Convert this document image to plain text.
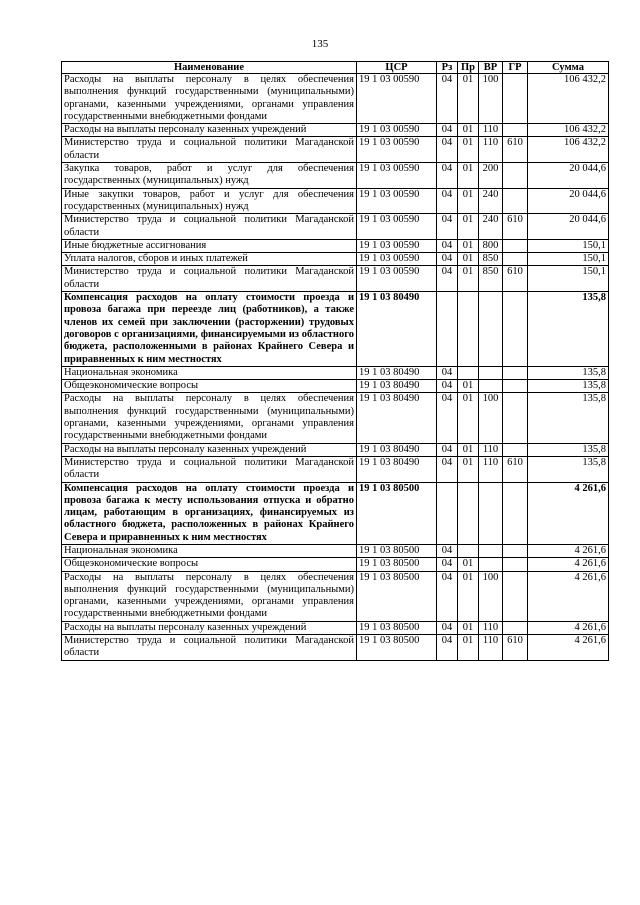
135
Наименование	ЦСР	Рз	Пр	ВР	ГР	Сумма
Расходы на выплаты персоналу в целях обеспечения выполнения функций государственными (муниципальными) органами, казенными учреждениями, органами управления государственными внебюджетными фондами	19 1 03 00590	04	01	100		106 432,2
Расходы на выплаты персоналу казенных учреждений	19 1 03 00590	04	01	110		106 432,2
Министерство труда и социальной политики Магаданской области	19 1 03 00590	04	01	110	610	106 432,2
Закупка товаров, работ и услуг для обеспечения государственных (муниципальных) нужд	19 1 03 00590	04	01	200		20 044,6
Иные закупки товаров, работ и услуг для обеспечения государственных (муниципальных) нужд	19 1 03 00590	04	01	240		20 044,6
Министерство труда и социальной политики Магаданской области	19 1 03 00590	04	01	240	610	20 044,6
Иные бюджетные ассигнования	19 1 03 00590	04	01	800		150,1
Уплата налогов, сборов и иных платежей	19 1 03 00590	04	01	850		150,1
Министерство труда и социальной политики Магаданской области	19 1 03 00590	04	01	850	610	150,1
Компенсация расходов на оплату стоимости проезда и провоза багажа при переезде лиц (работников), а также членов их семей при заключении (расторжении) трудовых договоров с организациями, финансируемыми из областного бюджета, расположенными в районах Крайнего Севера и приравненных к ним местностях	19 1 03 80490					135,8
Национальная экономика	19 1 03 80490	04				135,8
Общеэкономические вопросы	19 1 03 80490	04	01			135,8
Расходы на выплаты персоналу в целях обеспечения выполнения функций государственными (муниципальными) органами, казенными учреждениями, органами управления государственными внебюджетными фондами	19 1 03 80490	04	01	100		135,8
Расходы на выплаты персоналу казенных учреждений	19 1 03 80490	04	01	110		135,8
Министерство труда и социальной политики Магаданской области	19 1 03 80490	04	01	110	610	135,8
Компенсация расходов на оплату стоимости проезда и провоза багажа к месту использования отпуска и обратно лицам, работающим в организациях, финансируемых из областного бюджета, расположенных в районах Крайнего Севера и приравненных к ним местностях	19 1 03 80500					4 261,6
Национальная экономика	19 1 03 80500	04				4 261,6
Общеэкономические вопросы	19 1 03 80500	04	01			4 261,6
Расходы на выплаты персоналу в целях обеспечения выполнения функций государственными (муниципальными) органами, казенными учреждениями, органами управления государственными внебюджетными фондами	19 1 03 80500	04	01	100		4 261,6
Расходы на выплаты персоналу казенных учреждений	19 1 03 80500	04	01	110		4 261,6
Министерство труда и социальной политики Магаданской области	19 1 03 80500	04	01	110	610	4 261,6
